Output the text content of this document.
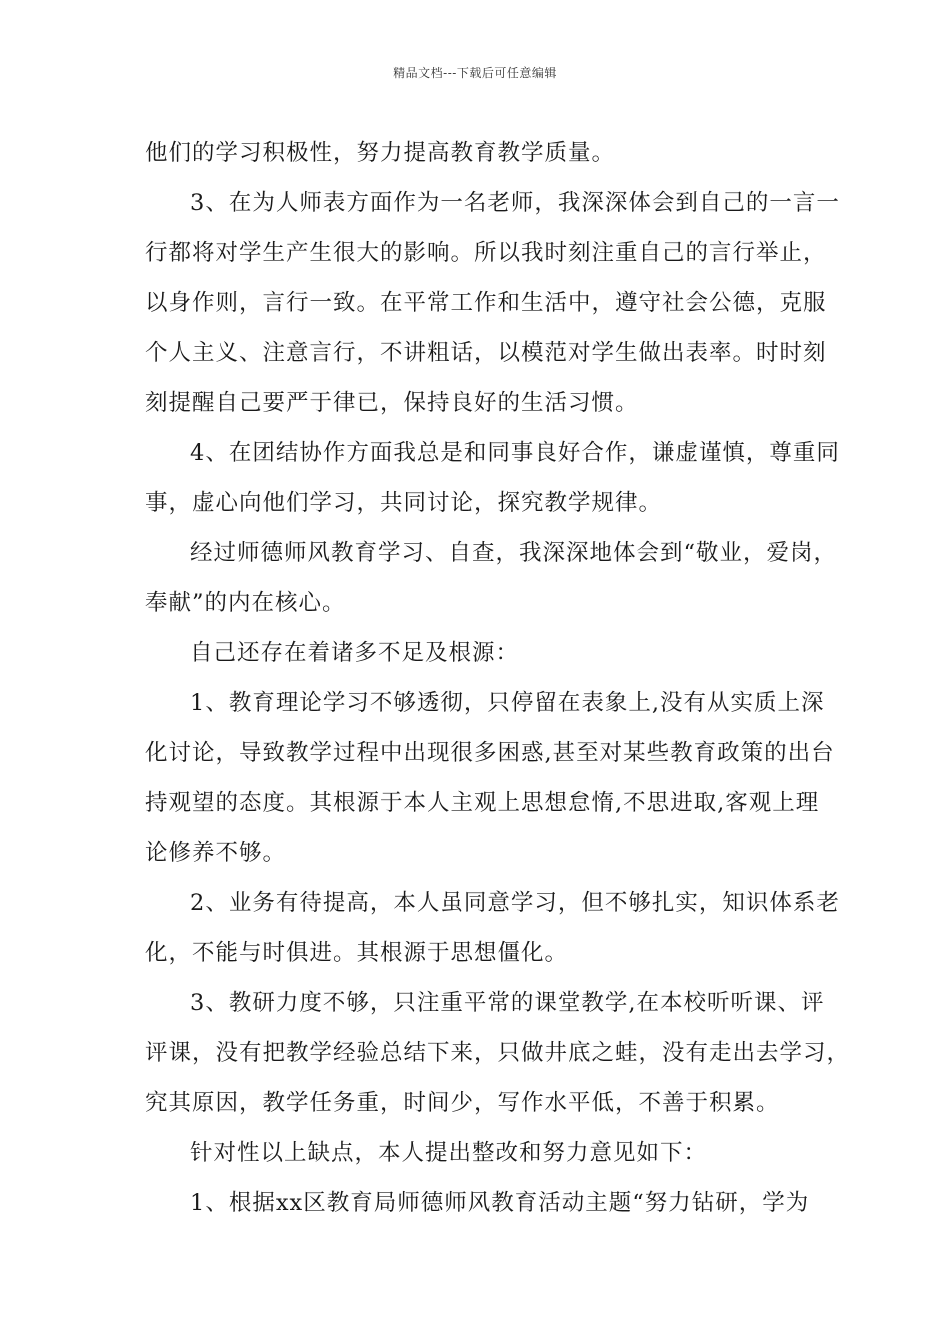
精品文档---下载后可任意编辑
他们的学习积极性，努力提高教育教学质量。
3、在为人师表方面作为一名老师，我深深体会到自己的一言一
行都将对学生产生很大的影响。所以我时刻注重自己的言行举止，
以身作则，言行一致。在平常工作和生活中，遵守社会公德，克服
个人主义、注意言行，不讲粗话，以模范对学生做出表率。时时刻
刻提醒自己要严于律已，保持良好的生活习惯。
4、在团结协作方面我总是和同事良好合作，谦虚谨慎，尊重同
事，虚心向他们学习，共同讨论，探究教学规律。
经过师德师风教育学习、自查，我深深地体会到“敬业，爱岗，
奉献”的内在核心。
自己还存在着诸多不足及根源：
1、教育理论学习不够透彻，只停留在表象上,没有从实质上深
化讨论，导致教学过程中出现很多困惑,甚至对某些教育政策的出台
持观望的态度。其根源于本人主观上思想怠惰,不思进取,客观上理
论修养不够。
2、业务有待提高，本人虽同意学习，但不够扎实，知识体系老
化，不能与时俱进。其根源于思想僵化。
3、教研力度不够，只注重平常的课堂教学,在本校听听课、评
评课，没有把教学经验总结下来，只做井底之蛙，没有走出去学习，
究其原因，教学任务重，时间少，写作水平低，不善于积累。
针对性以上缺点，本人提出整改和努力意见如下：
1、根据xx区教育局师德师风教育活动主题“努力钻研，学为
